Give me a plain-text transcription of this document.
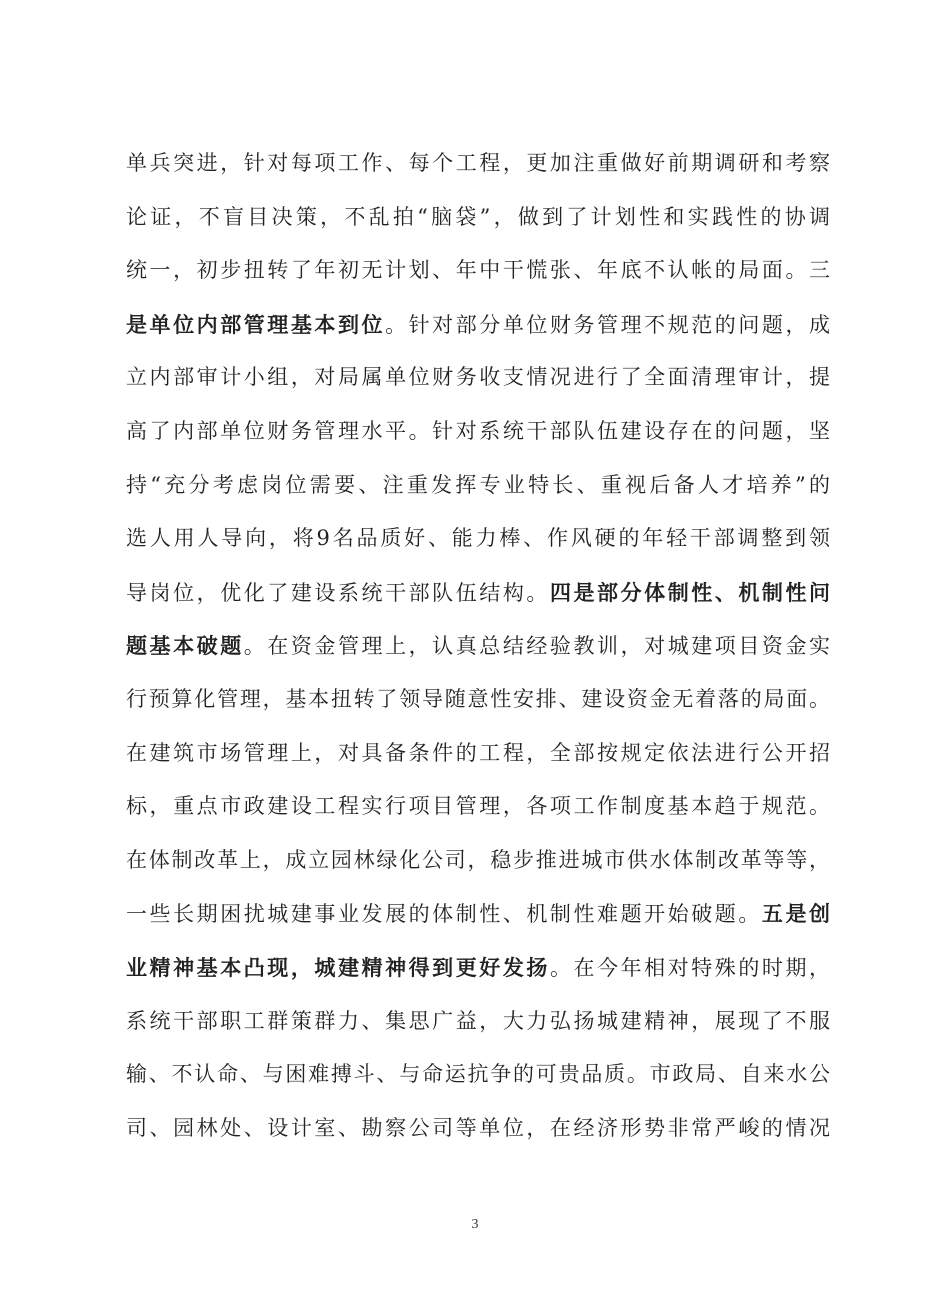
单兵突进，针对每项工作、每个工程，更加注重做好前期调研和考察
论证，不盲目决策，不乱拍“脑袋”，做到了计划性和实践性的协调
统一，初步扭转了年初无计划、年中干慌张、年底不认帐的局面。三
是单位内部管理基本到位。针对部分单位财务管理不规范的问题，成
立内部审计小组，对局属单位财务收支情况进行了全面清理审计，提
高了内部单位财务管理水平。针对系统干部队伍建设存在的问题，坚
持“充分考虑岗位需要、注重发挥专业特长、重视后备人才培养”的
选人用人导向，将9名品质好、能力棒、作风硬的年轻干部调整到领
导岗位，优化了建设系统干部队伍结构。四是部分体制性、机制性问
题基本破题。在资金管理上，认真总结经验教训，对城建项目资金实
行预算化管理，基本扭转了领导随意性安排、建设资金无着落的局面。
在建筑市场管理上，对具备条件的工程，全部按规定依法进行公开招
标，重点市政建设工程实行项目管理，各项工作制度基本趋于规范。
在体制改革上，成立园林绿化公司，稳步推进城市供水体制改革等等，
一些长期困扰城建事业发展的体制性、机制性难题开始破题。五是创
业精神基本凸现，城建精神得到更好发扬。在今年相对特殊的时期，
系统干部职工群策群力、集思广益，大力弘扬城建精神，展现了不服
输、不认命、与困难搏斗、与命运抗争的可贵品质。市政局、自来水公
司、园林处、设计室、勘察公司等单位，在经济形势非常严峻的情况

3
